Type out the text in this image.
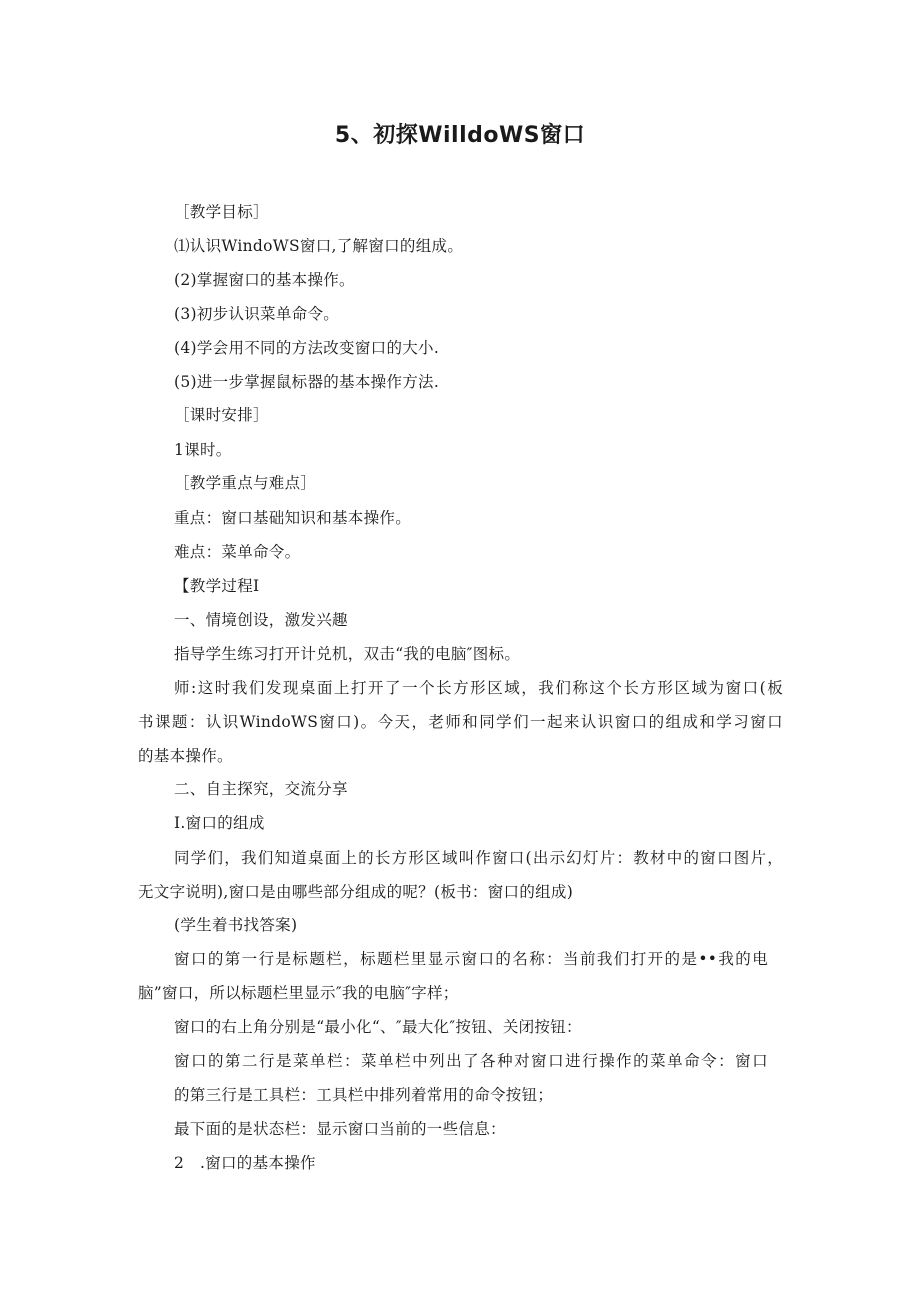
5、初探WilldoWS窗口
［教学目标］
⑴认识WindoWS窗口,了解窗口的组成。
(2)掌握窗口的基本操作。
(3)初步认识菜单命令。
(4)学会用不同的方法改变窗口的大小.
(5)进一步掌握鼠标器的基本操作方法.
［课时安排］
1课时。
［教学重点与难点］
重点：窗口基础知识和基本操作。
难点：菜单命令。
【教学过程I
一、情境创设，激发兴趣
指导学生练习打开计兑机，双击“我的电脑″图标。
师:这时我们发现桌面上打开了一个长方形区域，我们称这个长方形区域为窗口(板
书课题：认识WindoWS窗口)。今天，老师和同学们一起来认识窗口的组成和学习窗口
的基本操作。
二、自主探究，交流分享
I.窗口的组成
同学们，我们知道桌面上的长方形区域叫作窗口(出示幻灯片：教材中的窗口图片，
无文字说明),窗口是由哪些部分组成的呢？(板书：窗口的组成)
(学生着书找答案)
窗口的第一行是标题栏，标题栏里显示窗口的名称：当前我们打开的是••我的电
脑”窗口，所以标题栏里显示″我的电脑″字样；
窗口的右上角分别是“最小化“、″最大化″按钮、关闭按钮：
窗口的第二行是菜单栏：菜单栏中列出了各种对窗口进行操作的菜单命令：窗口
的第三行是工具栏：工具栏中排列着常用的命令按钮；
最下面的是状态栏：显示窗口当前的一些信息：
2　.窗口的基本操作
